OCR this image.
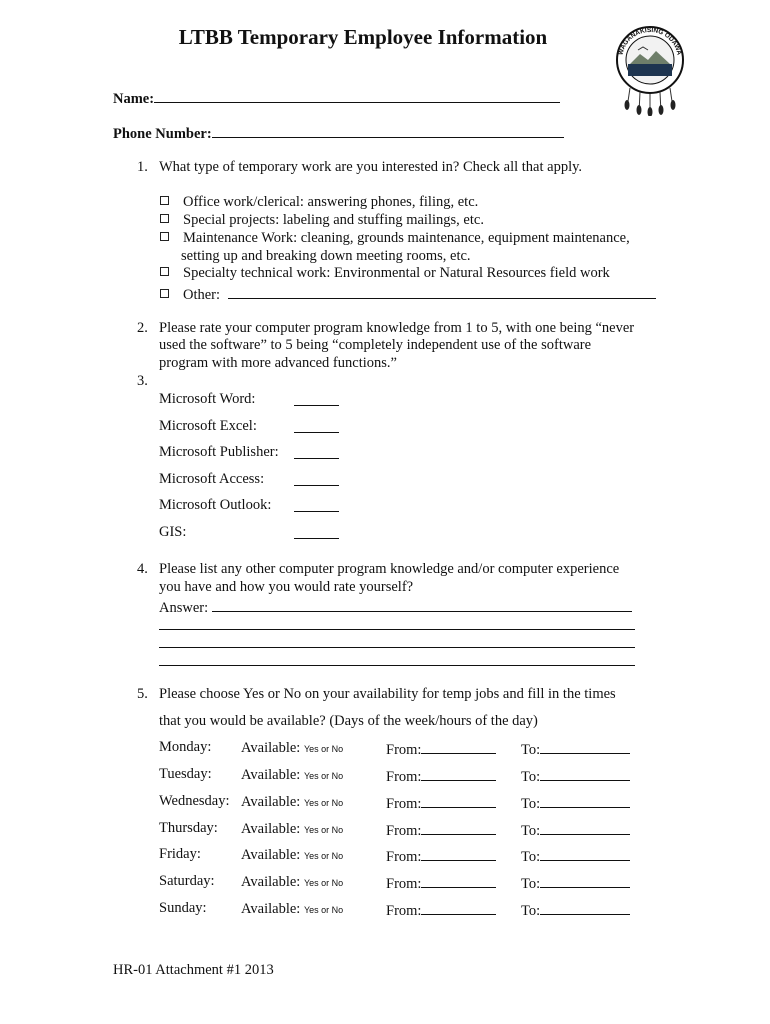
LTBB Temporary Employee Information
WAGANAKISING ODAWA
Name:
Phone Number:
1. What type of temporary work are you interested in? Check all that apply.
Office work/clerical: answering phones, filing, etc.
Special projects: labeling and stuffing mailings, etc.
Maintenance Work: cleaning, grounds maintenance, equipment maintenance,
setting up and breaking down meeting rooms, etc.
Specialty technical work: Environmental or Natural Resources field work
Other:
2. Please rate your computer program knowledge from 1 to 5, with one being “never
used the software” to 5 being “completely independent use of the software
program with more advanced functions.”
3.
Microsoft Word:
Microsoft Excel:
Microsoft Publisher:
Microsoft Access:
Microsoft Outlook:
GIS:
4. Please list any other computer program knowledge and/or computer experience
you have and how you would rate yourself?
Answer:
5. Please choose Yes or No on your availability for temp jobs and fill in the times
that you would be available? (Days of the week/hours of the day)
Monday: Available: Yes or No	From:	To:
Tuesday: Available: Yes or No	From:	To:
Wednesday: Available: Yes or No	From:	To:
Thursday: Available: Yes or No	From:	To:
Friday:	Available: Yes or No	From:	To:
Saturday: Available: Yes or No	From:	To:
Sunday: Available: Yes or No	From:	To:
HR-01 Attachment #1 2013
